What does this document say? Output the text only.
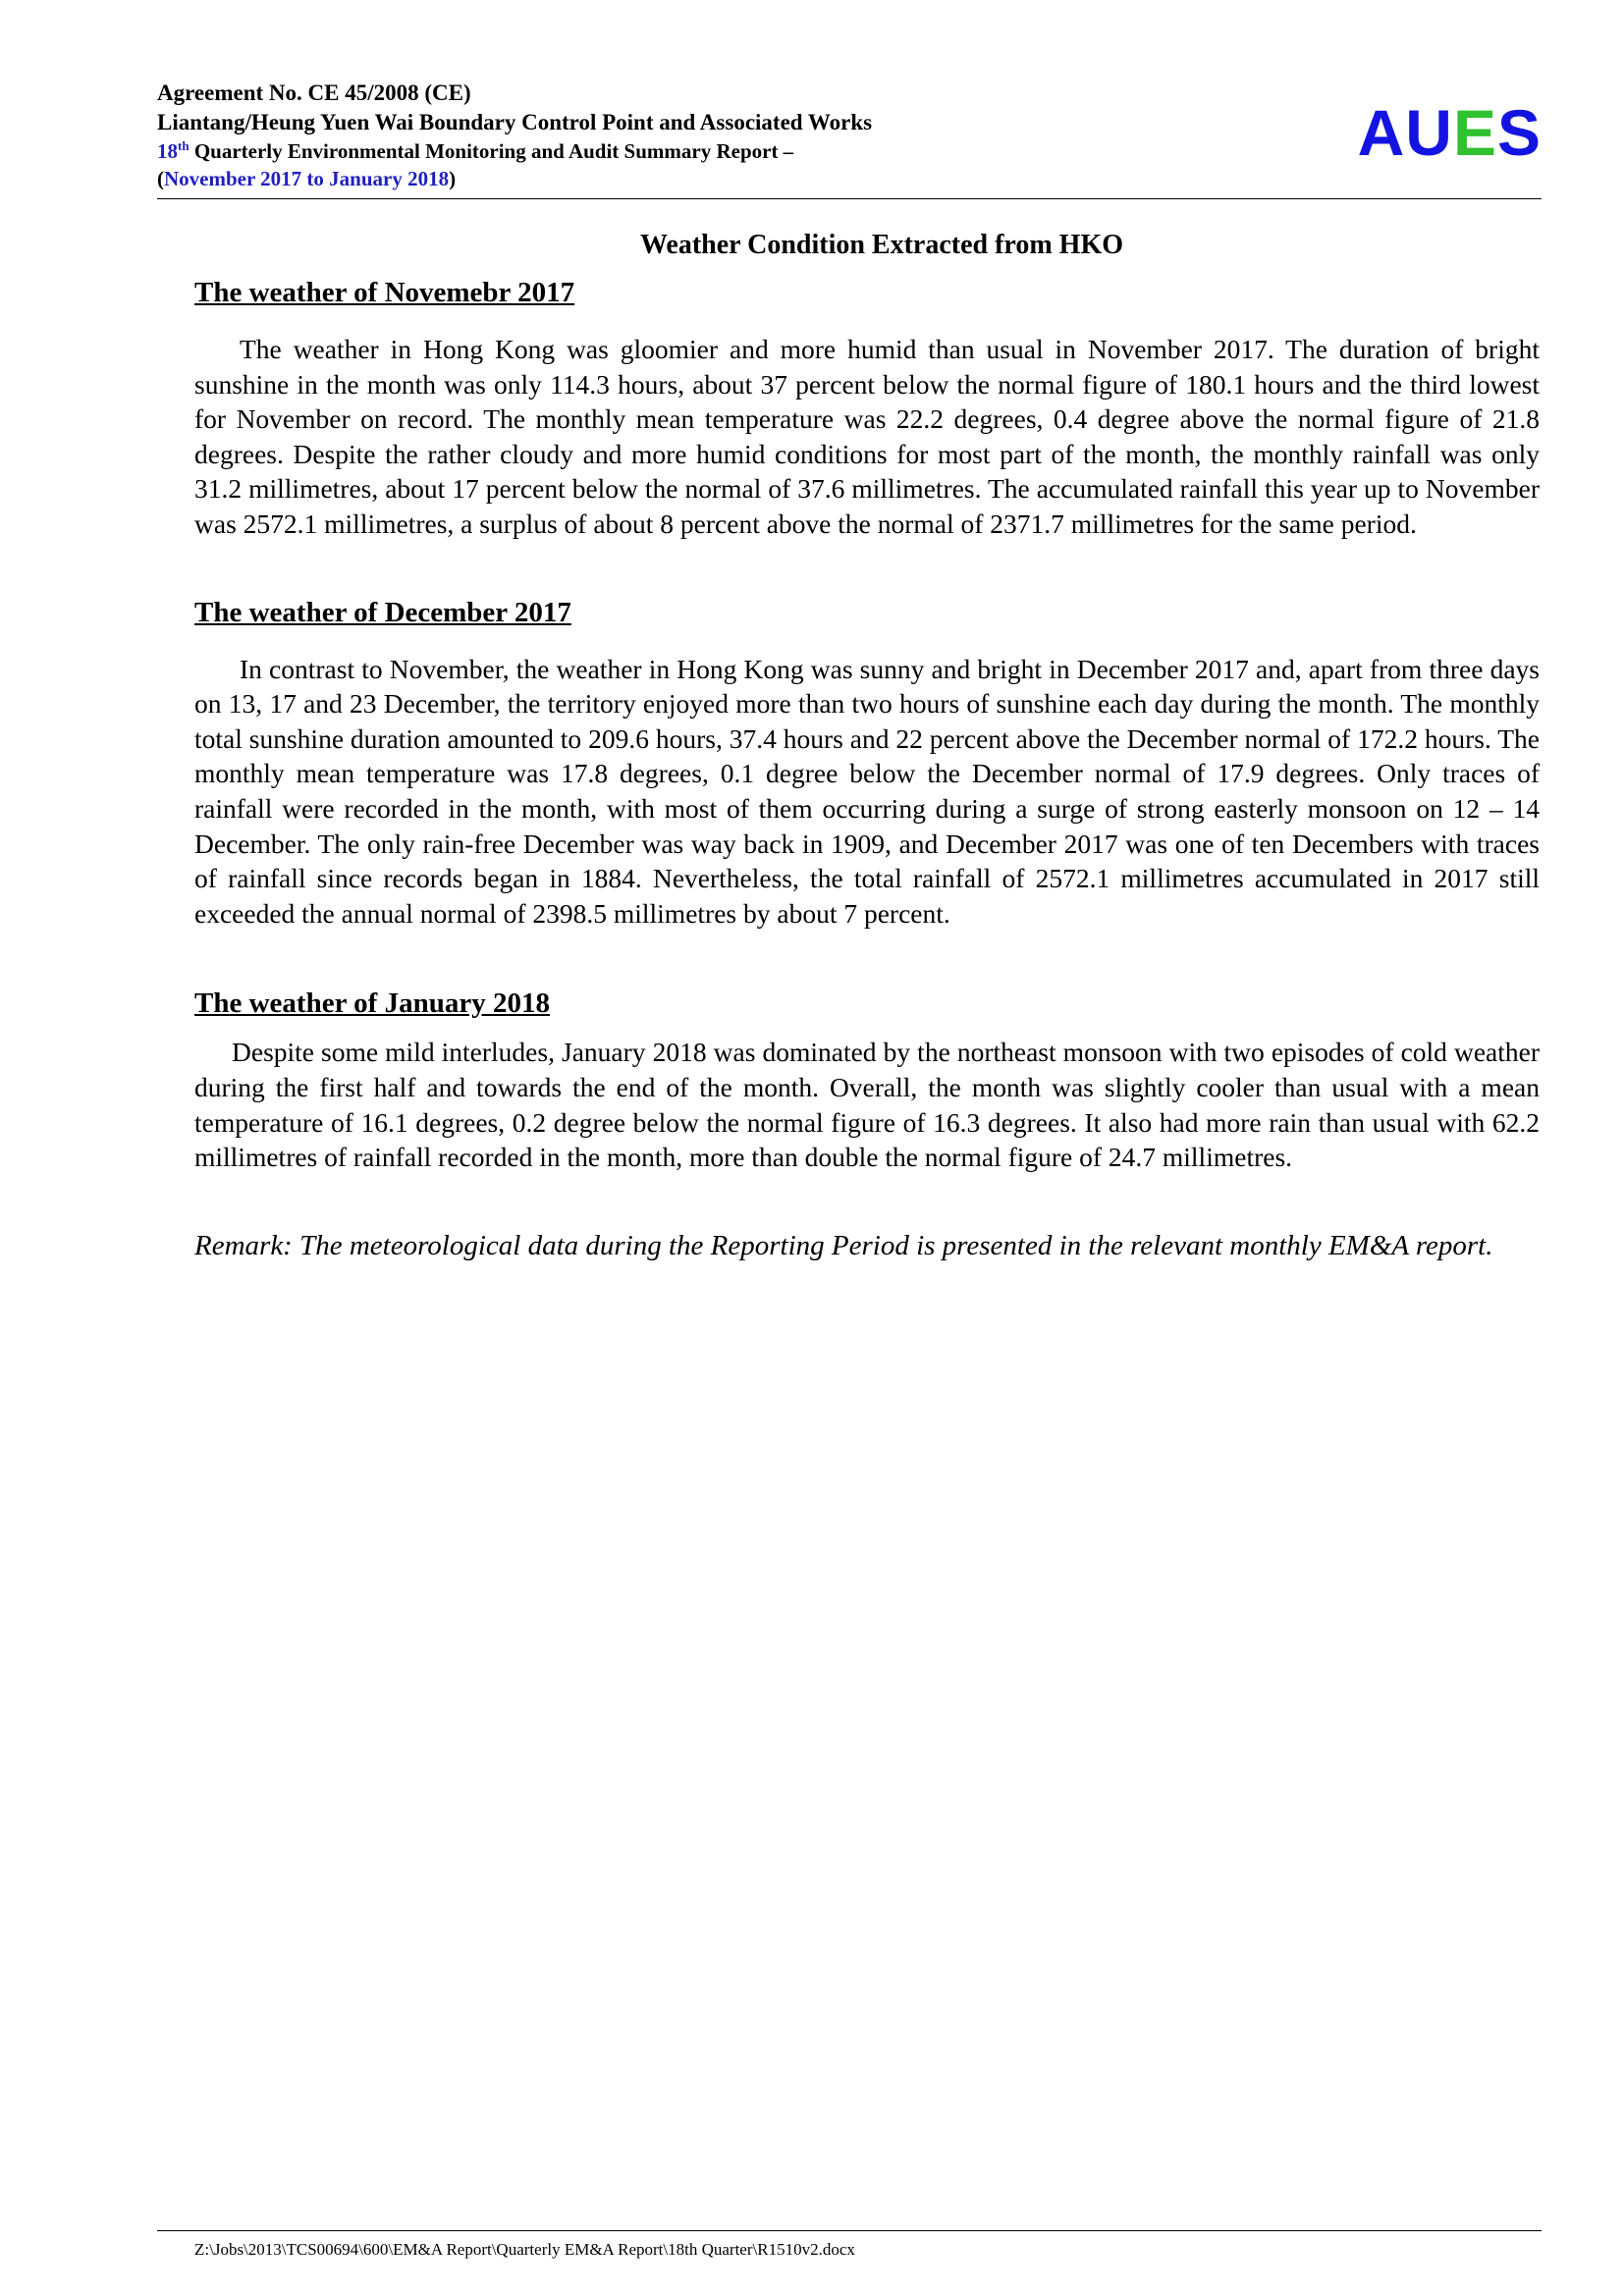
Agreement No. CE 45/2008 (CE)
Liantang/Heung Yuen Wai Boundary Control Point and Associated Works
18th Quarterly Environmental Monitoring and Audit Summary Report –
(November 2017 to January 2018)
AUES
Weather Condition Extracted from HKO
The weather of Novemebr 2017

The weather in Hong Kong was gloomier and more humid than usual in November 2017. The duration of bright sunshine in the month was only 114.3 hours, about 37 percent below the normal figure of 180.1 hours and the third lowest for November on record. The monthly mean temperature was 22.2 degrees, 0.4 degree above the normal figure of 21.8 degrees. Despite the rather cloudy and more humid conditions for most part of the month, the monthly rainfall was only 31.2 millimetres, about 17 percent below the normal of 37.6 millimetres. The accumulated rainfall this year up to November was 2572.1 millimetres, a surplus of about 8 percent above the normal of 2371.7 millimetres for the same period.

The weather of December 2017

In contrast to November, the weather in Hong Kong was sunny and bright in December 2017 and, apart from three days on 13, 17 and 23 December, the territory enjoyed more than two hours of sunshine each day during the month. The monthly total sunshine duration amounted to 209.6 hours, 37.4 hours and 22 percent above the December normal of 172.2 hours. The monthly mean temperature was 17.8 degrees, 0.1 degree below the December normal of 17.9 degrees. Only traces of rainfall were recorded in the month, with most of them occurring during a surge of strong easterly monsoon on 12 – 14 December. The only rain-free December was way back in 1909, and December 2017 was one of ten Decembers with traces of rainfall since records began in 1884. Nevertheless, the total rainfall of 2572.1 millimetres accumulated in 2017 still exceeded the annual normal of 2398.5 millimetres by about 7 percent.

The weather of January 2018

Despite some mild interludes, January 2018 was dominated by the northeast monsoon with two episodes of cold weather during the first half and towards the end of the month. Overall, the month was slightly cooler than usual with a mean temperature of 16.1 degrees, 0.2 degree below the normal figure of 16.3 degrees. It also had more rain than usual with 62.2 millimetres of rainfall recorded in the month, more than double the normal figure of 24.7 millimetres.

Remark: The meteorological data during the Reporting Period is presented in the relevant monthly EM&A report.

Z:\Jobs\2013\TCS00694\600\EM&A Report\Quarterly EM&A Report\18th Quarter\R1510v2.docx
